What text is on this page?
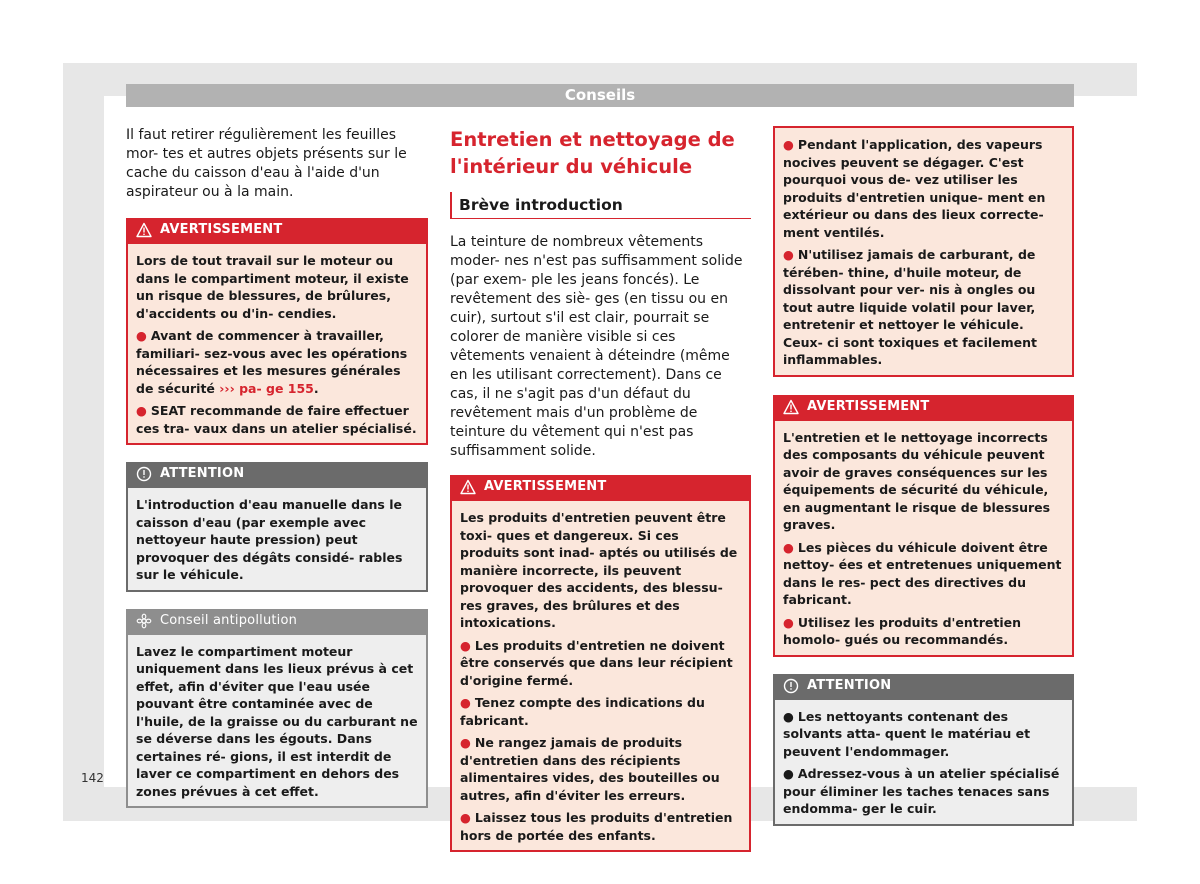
Conseils

Il faut retirer régulièrement les feuilles mor- tes et autres objets présents sur le cache du caisson d'eau à l'aide d'un aspirateur ou à la main.

AVERTISSEMENT

Lors de tout travail sur le moteur ou dans le compartiment moteur, il existe un risque de blessures, de brûlures, d'accidents ou d'in- cendies.

● Avant de commencer à travailler, familiari- sez-vous avec les opérations nécessaires et les mesures générales de sécurité ››› pa- ge 155.

● SEAT recommande de faire effectuer ces tra- vaux dans un atelier spécialisé.

ATTENTION

L'introduction d'eau manuelle dans le caisson d'eau (par exemple avec nettoyeur haute pression) peut provoquer des dégâts considé- rables sur le véhicule.

Conseil antipollution

Lavez le compartiment moteur uniquement dans les lieux prévus à cet effet, afin d'éviter que l'eau usée pouvant être contaminée avec de l'huile, de la graisse ou du carburant ne se déverse dans les égouts. Dans certaines ré- gions, il est interdit de laver ce compartiment en dehors des zones prévues à cet effet.

Entretien et nettoyage de l'intérieur du véhicule
Brève introduction

La teinture de nombreux vêtements moder- nes n'est pas suffisamment solide (par exem- ple les jeans foncés). Le revêtement des siè- ges (en tissu ou en cuir), surtout s'il est clair, pourrait se colorer de manière visible si ces vêtements venaient à déteindre (même en les utilisant correctement). Dans ce cas, il ne s'agit pas d'un défaut du revêtement mais d'un problème de teinture du vêtement qui n'est pas suffisamment solide.

AVERTISSEMENT

Les produits d'entretien peuvent être toxi- ques et dangereux. Si ces produits sont inad- aptés ou utilisés de manière incorrecte, ils peuvent provoquer des accidents, des blessu- res graves, des brûlures et des intoxications.

● Les produits d'entretien ne doivent être conservés que dans leur récipient d'origine fermé.

● Tenez compte des indications du fabricant.

● Ne rangez jamais de produits d'entretien dans des récipients alimentaires vides, des bouteilles ou autres, afin d'éviter les erreurs.

● Laissez tous les produits d'entretien hors de portée des enfants.

● Pendant l'application, des vapeurs nocives peuvent se dégager. C'est pourquoi vous de- vez utiliser les produits d'entretien unique- ment en extérieur ou dans des lieux correcte- ment ventilés.

● N'utilisez jamais de carburant, de térében- thine, d'huile moteur, de dissolvant pour ver- nis à ongles ou tout autre liquide volatil pour laver, entretenir et nettoyer le véhicule. Ceux- ci sont toxiques et facilement inflammables.

AVERTISSEMENT

L'entretien et le nettoyage incorrects des composants du véhicule peuvent avoir de graves conséquences sur les équipements de sécurité du véhicule, en augmentant le risque de blessures graves.

● Les pièces du véhicule doivent être nettoy- ées et entretenues uniquement dans le res- pect des directives du fabricant.

● Utilisez les produits d'entretien homolo- gués ou recommandés.

ATTENTION

● Les nettoyants contenant des solvants atta- quent le matériau et peuvent l'endommager.

● Adressez-vous à un atelier spécialisé pour éliminer les taches tenaces sans endomma- ger le cuir.

142
